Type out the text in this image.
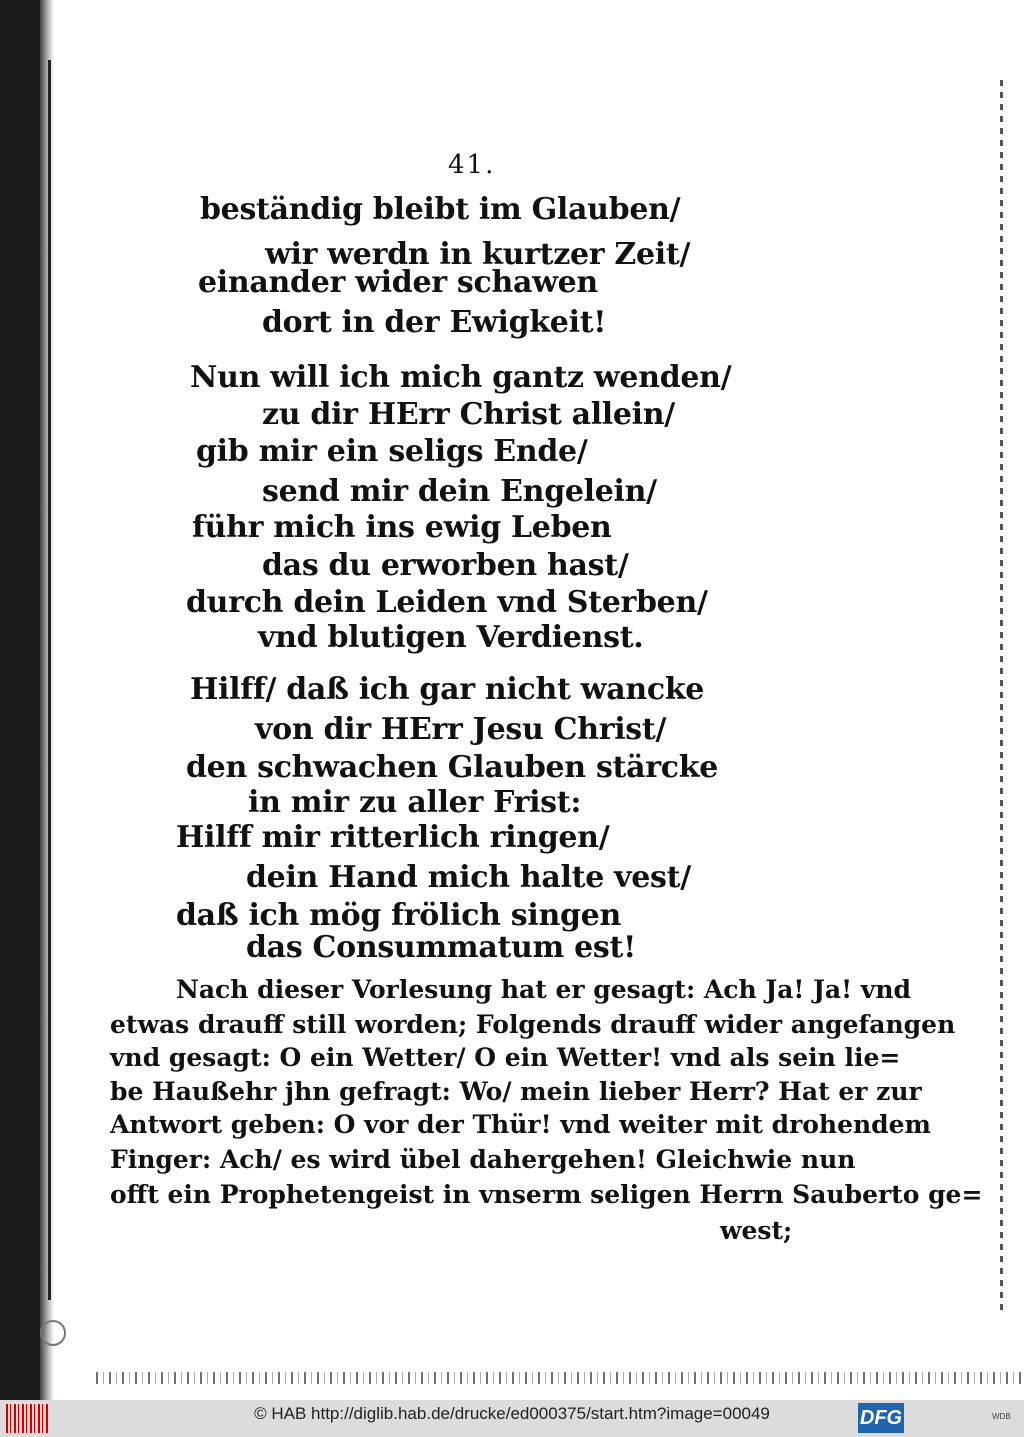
41.
beständig bleibt im Glauben/
wir werdn in kurtzer Zeit/
einander wider schawen
dort in der Ewigkeit!
Nun will ich mich gantz wenden/
zu dir HErr Christ allein/
gib mir ein seligs Ende/
send mir dein Engelein/
führ mich ins ewig Leben
das du erworben hast/
durch dein Leiden vnd Sterben/
vnd blutigen Verdienst.
Hilff/ daß ich gar nicht wancke
von dir HErr Jesu Christ/
den schwachen Glauben stärcke
in mir zu aller Frist:
Hilff mir ritterlich ringen/
dein Hand mich halte vest/
daß ich mög frölich singen
das Consummatum est!
Nach dieser Vorlesung hat er gesagt: Ach Ja! Ja! vnd
etwas drauff still worden; Folgends drauff wider angefangen
vnd gesagt: O ein Wetter/ O ein Wetter! vnd als sein lie=
be Haußehr jhn gefragt: Wo/ mein lieber Herr? Hat er zur
Antwort geben: O vor der Thür! vnd weiter mit drohendem
Finger: Ach/ es wird übel dahergehen! Gleichwie nun
offt ein Prophetengeist in vnserm seligen Herrn Sauberto ge=
west;
© HAB http://diglib.hab.de/drucke/ed000375/start.htm?image=00049	DFG	WDB
